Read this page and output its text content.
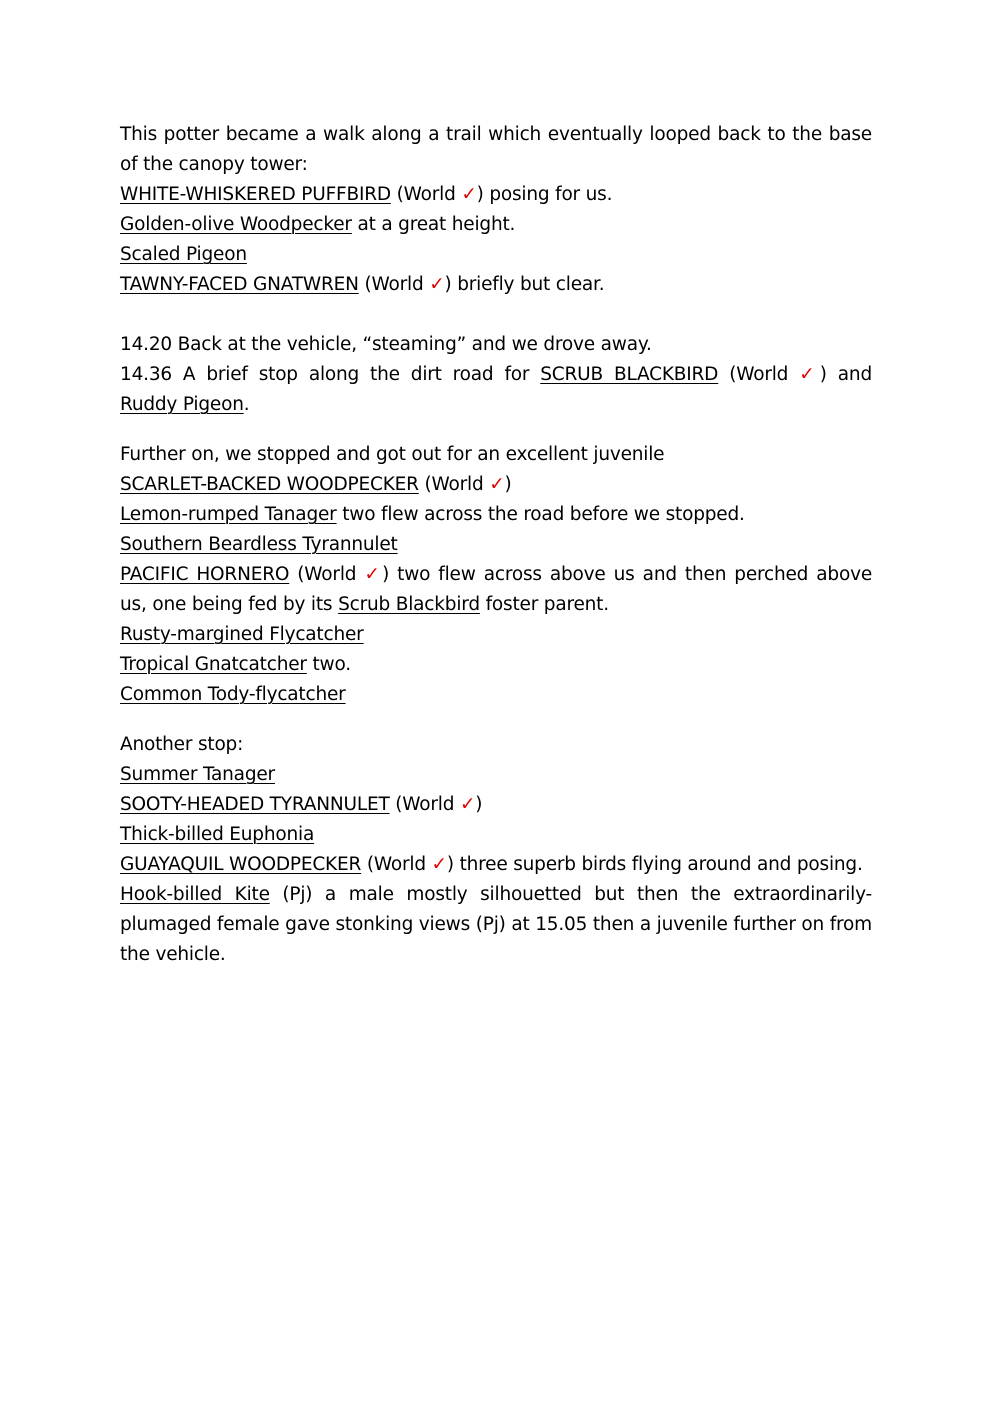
This potter became a walk along a trail which eventually looped back to the base of the canopy tower:
WHITE-WHISKERED PUFFBIRD (World ✓) posing for us.
Golden-olive Woodpecker at a great height.
Scaled Pigeon
TAWNY-FACED GNATWREN (World ✓) briefly but clear.
14.20 Back at the vehicle, “steaming” and we drove away.
14.36 A brief stop along the dirt road for SCRUB BLACKBIRD (World ✓) and
Ruddy Pigeon.
Further on, we stopped and got out for an excellent juvenile
SCARLET-BACKED WOODPECKER (World ✓)
Lemon-rumped Tanager two flew across the road before we stopped.
Southern Beardless Tyrannulet
PACIFIC HORNERO (World ✓) two flew across above us and then perched above
us, one being fed by its Scrub Blackbird foster parent.
Rusty-margined Flycatcher
Tropical Gnatcatcher two.
Common Tody-flycatcher
Another stop:
Summer Tanager
SOOTY-HEADED TYRANNULET (World ✓)
Thick-billed Euphonia
GUAYAQUIL WOODPECKER (World ✓) three superb birds flying around and posing.
Hook-billed Kite (Pj) a male mostly silhouetted but then the extraordinarily-plumaged female gave stonking views (Pj) at 15.05 then a juvenile further on from the vehicle.
